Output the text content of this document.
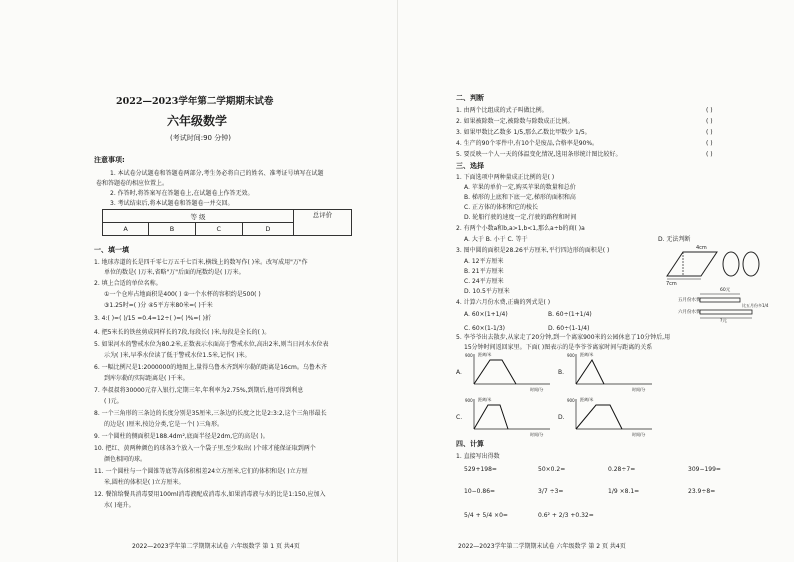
2022—2023学年第二学期期末试卷
六年级数学
(考试时间:90 分钟)
注意事项:
1. 本试卷分试题卷和答题卷两部分,考生务必将自己的姓名、准考证号填写在试题
卷和答题卷的相应位置上。
2. 作答时,将答案写在答题卷上,在试题卷上作答无效。
3. 考试结束后,将本试题卷和答题卷一并交回。
等 级				总评价
A	B	C	D	
一、填一填
1. 地球赤道的长是四千零七万五千七百米,横线上的数写作( )米。改写成用"万"作
单位的数是( )万米,省略"万"后面的尾数约是( )万米。
2. 填上合适的单位名称。
①一个仓库占地面积是400( ) ②一个水杯的容积约是500( )
③1.25时=( )分 ④5平方米80米=( )千米
3. 4:( )=( )/15 =0.4=12÷( )=( )%=( )折
4. 把5米长的铁丝剪成同样长的7段,每段长( )米,每段是全长的( )。
5. 如果河水的警戒水位为80.2米,正数表示水面高于警戒水位,高出2米,则当日河水水位表
示为( )米,早季水位读了低于警戒水位1.5米,记作( )米。
6. 一幅比例尺是1:2000000的地图上,量得乌鲁木齐到库尔勒的距离是16cm。乌鲁木齐
到库尔勒的实际距离是( )千米。
7. 李叔叔将30000元存入银行,定期三年,年利率为2.75%,到期后,他可得到利息
( )元。
8. 一个三角形的三条边的长度分别是35厘米,三条边的长度之比是2:3:2,这个三角形最长
的边是( )厘米,按边分类,它是一个( )三角形。
9. 一个圆柱的侧面积是188.4dm²,底面半径是2dm,它的高是( )。
10. 把红、黄两种颜色的球各3个放入一个袋子里,至少取出( )个球才能保证取到两个
颜色相同的球。
11. 一个圆柱与一个圆锥等底等高体积相差24立方厘米,它们的体积和是( )立方厘
米,圆柱的体积是( )立方厘米。
12. 餐馆给餐具消毒要用100ml消毒液配成消毒水,如果消毒液与水的比是1:150,应加入
水( )毫升。
2022—2023学年第二学期期末试卷 六年级数学 第 1 页 共4页
二、判断
1. 由两个比组成的式子叫做比例。
2. 如果被除数一定,被除数与除数成正比例。
3. 如果甲数比乙数多 1/5,那么乙数比甲数少 1/5。
4. 生产的90个零件中,有10个是废品,合格率是90%。
5. 要反映一个人一天的体温变化情况,选用条形统计图比较好。
( )
( )
( )
( )
( )
三、选择
1. 下面选项中两种量成正比例的是( )
A. 苹果的单价一定,购买苹果的数量和总价
B. 梯形的上底和下底一定,梯形的面积和高
C. 正方体的体积和它的棱长
D. 轮船行驶的速度一定,行驶的路程和时间
2. 有两个小数a和b,a>1,b<1,那么a÷b的商( )a
A. 大于 B. 小于 C. 等于	D. 无法判断
3. 图中圆的面积是28.26平方厘米,平行四边形的面积是( )
A. 12平方厘米
B. 21平方厘米
C. 24平方厘米
D. 10.5平方厘米
4. 计算六月份水费,正确的列式是( )
A. 60×(1+1/4)	B. 60÷(1+1/4)
C. 60×(1-1/3)	D. 60÷(1-1/4)
4cm
7cm
60元
五月份水费
六月份水费
比五月份多1/4
?元
5. 李爷爷出去散步,从家走了20分钟,到一个离家900米的公园休息了10分钟后,用
15分钟时间返回家里。下面( )图表示的是李爷爷离家时间与距离的关系
A.	B.
C.	D.
900	900
900	900
距离/米	距离/米
距离/米	距离/米
时间/分	时间/分
时间/分	时间/分
四、计算
1. 直接写出得数
529+198=	50×0.2=	0.28÷7=	309−199=
10−0.86=	3/7 ÷3=	1/9 ×8.1=	23.9÷8=
5/4 + 5/4 ×0=	0.6² + 2/3 +0.32=
2022—2023学年第二学期期末试卷 六年级数学 第 2 页 共4页
